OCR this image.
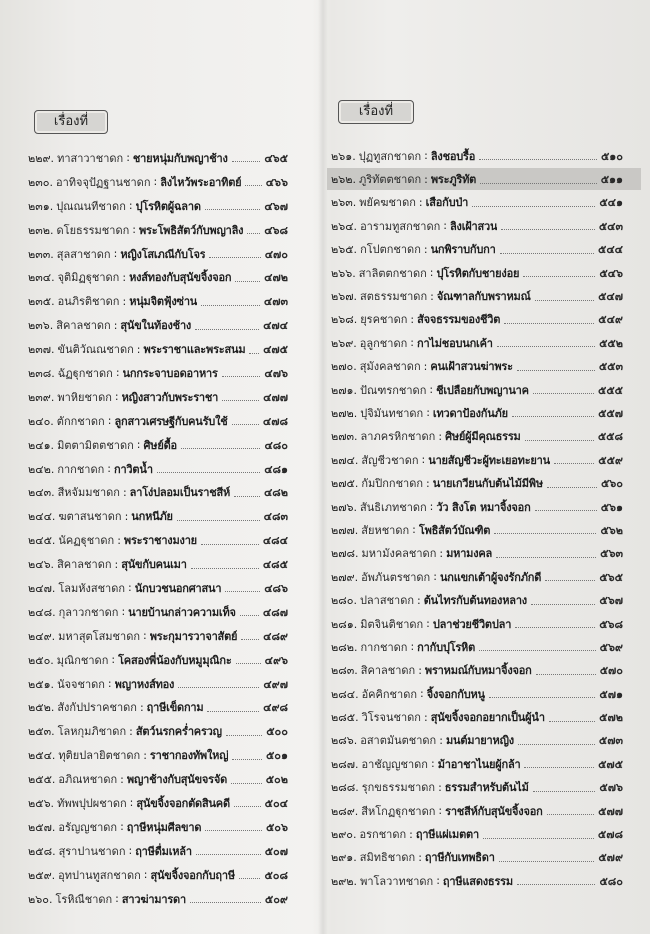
เรื่องที่
เรื่องที่
๒๒๙. ทาสาวาชาดก : ชายหนุ่มกับพญาช้าง	๔๖๕
๒๓๐. อาทิจจุปัฏฐานชาดก : ลิงไหว้พระอาทิตย์ ๔๖๖
๒๓๑. ปุณณนทีชาดก : ปุโรหิตผู้ฉลาด	๔๖๗
๒๓๒. ดโยธรรมชาดก : พระโพธิสัตว์กับพญาลิง ๔๖๘
๒๓๓. สุลสาชาดก : หญิงโสเภณีกับโจร	๔๗๐
๒๓๔. จุติมิฏฐุชาดก : หงส์ทองกับสุนัขจิ้งจอก	๔๗๒
๒๓๕. อนภิรติชาดก : หนุ่มจิตฟุ้งซ่าน	๔๗๓
๒๓๖. สิคาลชาดก : สุนัขในท้องช้าง	๔๗๔
๒๓๗. ขันติวัณณชาดก : พระราชาและพระสนม ๔๗๕
๒๓๘. ฉัฏฐุกชาดก : นกกระจาบอดอาหาร	๔๗๖
๒๓๙. พาหิยชาดก : หญิงสาวกับพระราชา	๔๗๗
๒๔๐. ตักกชาดก : ลูกสาวเศรษฐีกับคนรับใช้	๔๗๘
๒๔๑. มิตตามิตตชาดก : ศิษย์ดื้อ	๔๘๐
๒๔๒. กากชาดก : กาวิตน้ำ	๔๘๑
๒๔๓. สีหจัมมชาดก : ลาโง่ปลอมเป็นราชสีห์	๔๘๒
๒๔๔. ฆตาสนชาดก : นกหนีภัย	๔๘๓
๒๔๕. นัคฏฐุชาดก : พระราชางมงาย	๔๘๔
๒๔๖. สิคาลชาดก : สุนัขกับคนเมา	๔๘๕
๒๔๗. โลมหังสชาดก : นักบวชนอกศาสนา	๔๘๖
๒๔๘. กุลาวกชาดก : นายบ้านกล่าวความเท็จ ๔๘๗
๒๔๙. มหาสุตโสมชาดก : พระกุมารวาจาสัตย์ ๔๘๙
๒๕๐. มุณิกชาดก : โคสองพี่น้องกับหมูมุณิกะ	๔๙๖
๒๕๑. นัจจชาดก : พญาหงส์ทอง	๔๙๗
๒๕๒. สังกัปปราคชาดก : ฤาษีเข็ดกาม	๔๙๘
๒๕๓. โลหกุมภิชาดก : สัตว์นรกคร่ำครวญ	๕๐๐
๒๕๔. ทุติยปลายิตชาดก : ราชากองทัพใหญ่	๕๐๑
๒๕๕. อภิณหชาดก : พญาช้างกับสุนัขจรจัด	๕๐๒
๒๕๖. ทัพพปุปผชาดก : สุนัขจิ้งจอกตัดสินคดี	๕๐๔
๒๕๗. อรัญญชาดก : ฤาษีหนุ่มศีลขาด	๕๐๖
๒๕๘. สุราปานชาดก : ฤาษีดื่มเหล้า	๕๐๗
๒๕๙. อุทปานทูสกชาดก : สุนัขจิ้งจอกกับฤาษี	๕๐๘
๒๖๐. โรหิณีชาดก : สาวฆ่ามารดา	๕๐๙
๒๖๑. ปุฏทูสกชาดก : ลิงชอบรื้อ	๕๑๐
๒๖๒. ภูริทัตตชาดก : พระภูริทัต	๕๑๑
๒๖๓. พยัคฆชาดก : เสือกับป่า	๕๔๑
๒๖๔. อารามทูสกชาดก : ลิงเฝ้าสวน	๕๔๓
๒๖๕. กโปตกชาดก : นกพิราบกับกา	๕๔๔
๒๖๖. สาลิตตกชาดก : ปุโรหิตกับชายง่อย	๕๔๖
๒๖๗. สตธรรมชาดก : จัณฑาลกับพราหมณ์	๕๔๗
๒๖๘. ยุรคชาดก : สัจจธรรมของชีวิต	๕๔๙
๒๖๙. อุลูกชาดก : กาไม่ชอบนกเค้า	๕๕๒
๒๗๐. สุมังคลชาดก : คนเฝ้าสวนฆ่าพระ	๕๕๓
๒๗๑. ปัณฑรกชาดก : ชีเปลือยกับพญานาค	๕๕๕
๒๗๒. ปุจิมันทชาดก : เทวดาป้องกันภัย	๕๕๗
๒๗๓. ลาภครหิกชาดก : ศิษย์ผู้มีคุณธรรม	๕๕๘
๒๗๔. สัญชีวชาดก : นายสัญชีวะผู้ทะเยอทะยาน	๕๕๙
๒๗๕. กัมปิกกชาดก : นายเกวียนกับต้นไม้มีพิษ	๕๖๐
๒๗๖. สันธิเภทชาดก : วัว สิงโต หมาจิ้งจอก	๕๖๑
๒๗๗. สัยหชาดก : โพธิสัตว์บัณฑิต	๕๖๒
๒๗๘. มหามังคลชาดก : มหามงคล	๕๖๓
๒๗๙. อัพภันตรชาดก : นกแขกเต้าผู้จงรักภักดี	๕๖๕
๒๘๐. ปลาสชาดก : ต้นไทรกับต้นทองหลาง	๕๖๗
๒๘๑. มิตจินติชาดก : ปลาช่วยชีวิตปลา	๕๖๘
๒๘๒. กากชาดก : กากับปุโรหิต	๕๖๙
๒๘๓. สิคาลชาดก : พราหมณ์กับหมาจิ้งจอก	๕๗๐
๒๘๔. อัคคิกชาดก : จิ้งจอกกับหนู	๕๗๑
๒๘๕. วิโรจนชาดก : สุนัขจิ้งจอกอยากเป็นผู้นำ	๕๗๒
๒๘๖. อสาตมันตชาดก : มนต์มายาหญิง	๕๗๓
๒๘๗. อาชัญญชาดก : ม้าอาชาไนยผู้กล้า	๕๗๕
๒๘๘. รุกขธรรมชาดก : ธรรมสำหรับต้นไม้	๕๗๖
๒๘๙. สีหโกฏฐุกชาดก : ราชสีห์กับสุนัขจิ้งจอก	๕๗๗
๒๙๐. อรกชาดก : ฤาษีแผ่เมตตา	๕๗๘
๒๙๑. สมิทธิชาดก : ฤาษีกับเทพธิดา	๕๗๙
๒๙๒. พาโลวาทชาดก : ฤาษีแสดงธรรม	๕๘๐
